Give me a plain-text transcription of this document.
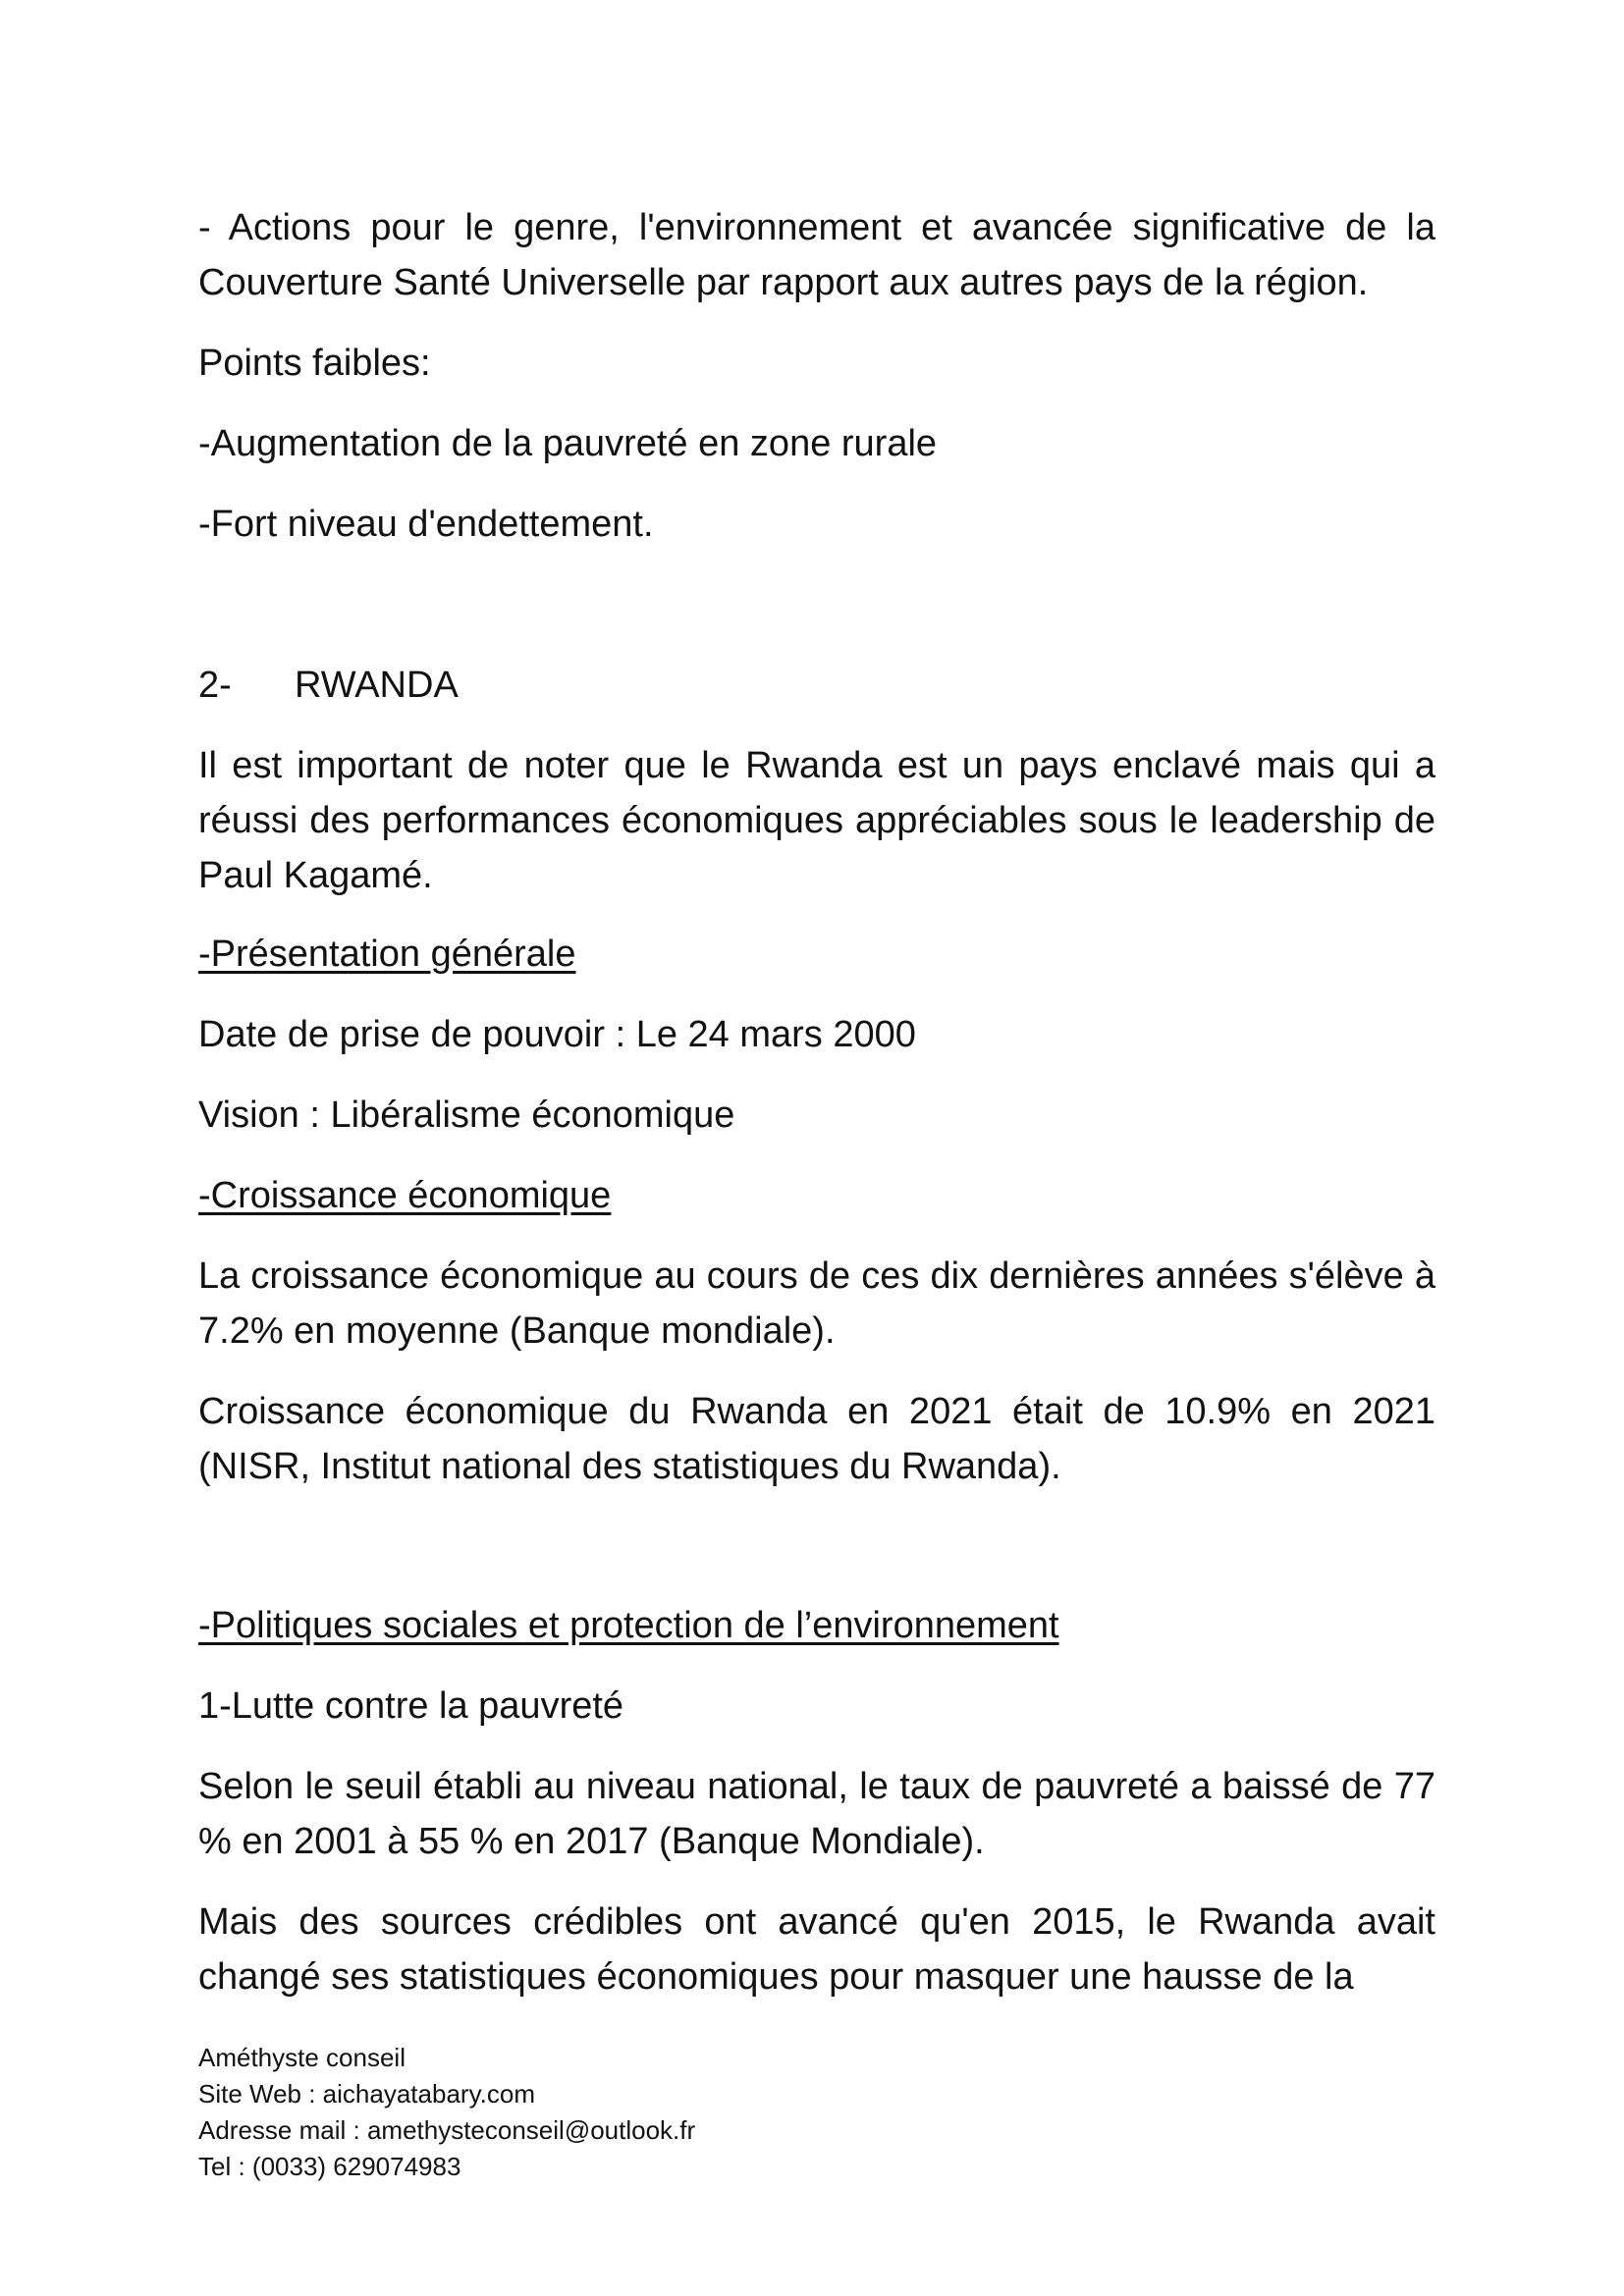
- Actions pour le genre, l'environnement et avancée significative de la Couverture Santé Universelle par rapport aux autres pays de la région.

Points faibles:

-Augmentation de la pauvreté en zone rurale

-Fort niveau d'endettement.

2-	RWANDA

Il est important de noter que le Rwanda est un pays enclavé mais qui a réussi des performances économiques appréciables sous le leadership de Paul Kagamé.

-Présentation générale

Date de prise de pouvoir : Le 24 mars 2000

Vision : Libéralisme économique

-Croissance économique

La croissance économique au cours de ces dix dernières années s'élève à 7.2% en moyenne (Banque mondiale).

Croissance économique du Rwanda en 2021 était de 10.9% en 2021 (NISR, Institut national des statistiques du Rwanda).

-Politiques sociales et protection de l’environnement

1-Lutte contre la pauvreté

Selon le seuil établi au niveau national, le taux de pauvreté a baissé de 77 % en 2001 à 55 % en 2017 (Banque Mondiale).

Mais des sources crédibles ont avancé qu'en 2015, le Rwanda avait changé ses statistiques économiques pour masquer une hausse de la

Améthyste conseil
Site Web : aichayatabary.com
Adresse mail : amethysteconseil@outlook.fr
Tel : (0033) 629074983
